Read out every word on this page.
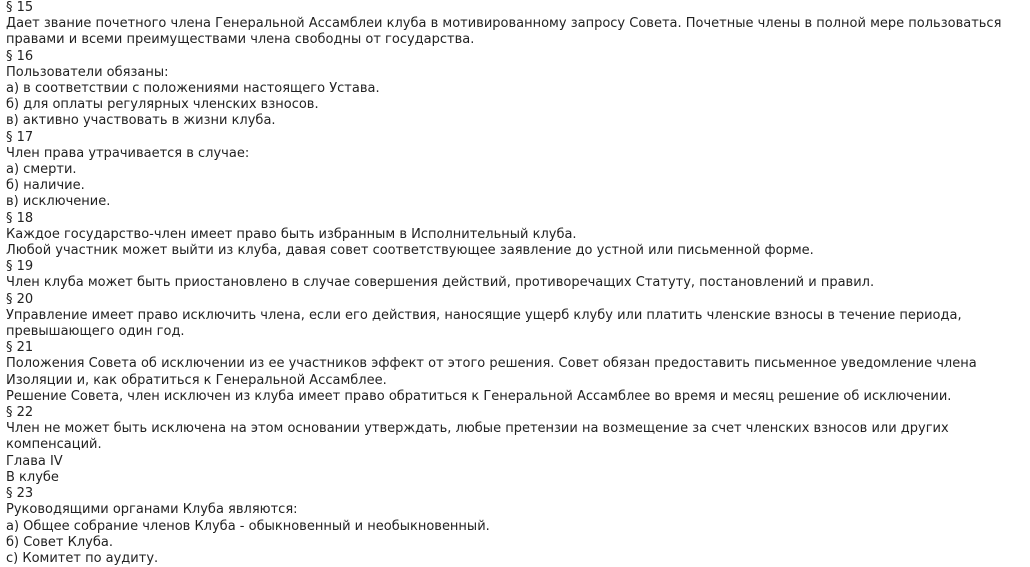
§ 15
Дает звание почетного члена Генеральной Ассамблеи клуба в мотивированному запросу Совета. Почетные члены в полной мере пользоваться правами и всеми преимуществами члена свободны от государства.
§ 16
Пользователи обязаны:
а) в соответствии с положениями настоящего Устава.
б) для оплаты регулярных членских взносов.
в) активно участвовать в жизни клуба.
§ 17
Член права утрачивается в случае:
а) смерти.
б) наличие.
в) исключение.
§ 18
Каждое государство-член имеет право быть избранным в Исполнительный клуба.
Любой участник может выйти из клуба, давая совет соответствующее заявление до устной или письменной форме.
§ 19
Член клуба может быть приостановлено в случае совершения действий, противоречащих Статуту, постановлений и правил.
§ 20
Управление имеет право исключить члена, если его действия, наносящие ущерб клубу или платить членские взносы в течение периода, превышающего один год.
§ 21
Положения Совета об исключении из ее участников эффект от этого решения. Совет обязан предоставить письменное уведомление члена Изоляции и, как обратиться к Генеральной Ассамблее.
Решение Совета, член исключен из клуба имеет право обратиться к Генеральной Ассамблее во время и месяц решение об исключении.
§ 22
Член не может быть исключена на этом основании утверждать, любые претензии на возмещение за счет членских взносов или других компенсаций.
Глава IV
В клубе
§ 23
Руководящими органами Клуба являются:
а) Общее собрание членов Клуба - обыкновенный и необыкновенный.
б) Совет Клуба.
с) Комитет по аудиту.
